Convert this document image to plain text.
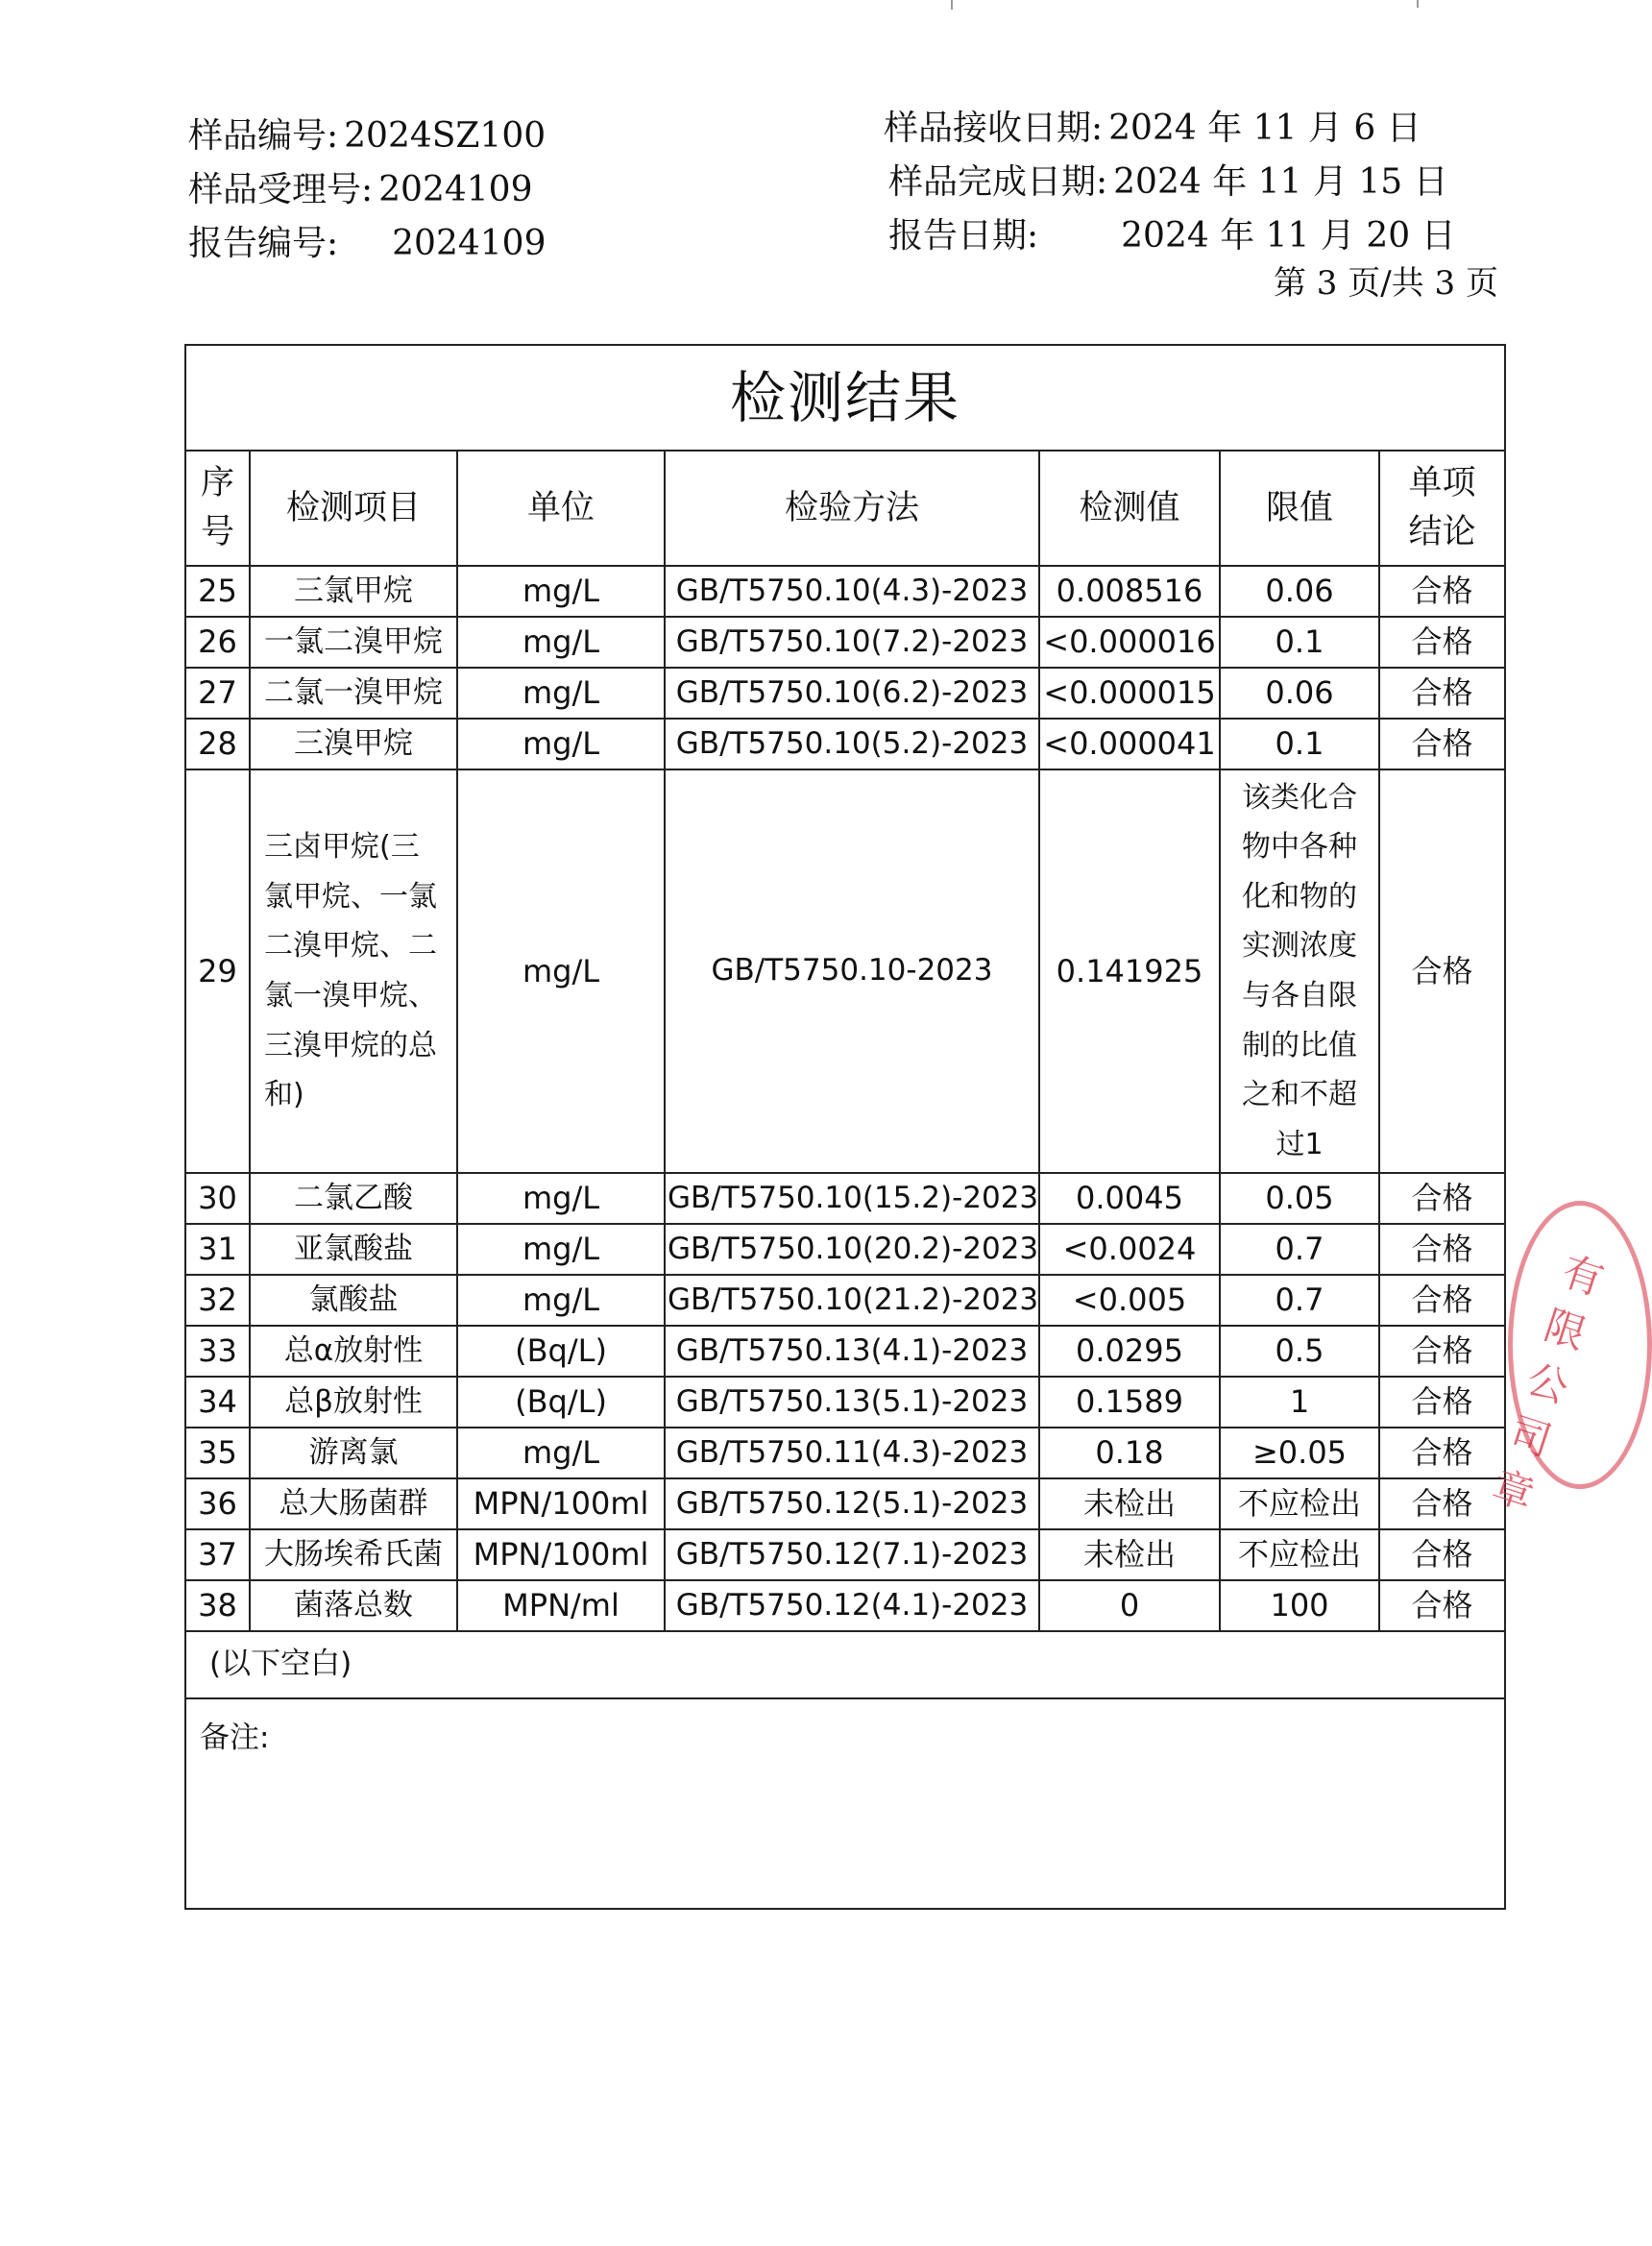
样品编号: 2024SZ100
样品受理号: 2024109
报告编号: 2024109
样品接收日期: 2024 年 11 月 6 日
样品完成日期: 2024 年 11 月 15 日
报告日期: 2024 年 11 月 20 日
第 3 页/共 3 页
检测结果
序号	检测项目	单位	检验方法	检测值	限值	单项结论
25	三氯甲烷	mg/L	GB/T5750.10(4.3)-2023	0.008516	0.06	合格
26	一氯二溴甲烷	mg/L	GB/T5750.10(7.2)-2023	<0.000016	0.1	合格
27	二氯一溴甲烷	mg/L	GB/T5750.10(6.2)-2023	<0.000015	0.06	合格
28	三溴甲烷	mg/L	GB/T5750.10(5.2)-2023	<0.000041	0.1	合格
29	三卤甲烷(三氯甲烷、一氯二溴甲烷、二氯一溴甲烷、三溴甲烷的总和)	mg/L	GB/T5750.10-2023	0.141925	该类化合物中各种化和物的实测浓度与各自限制的比值之和不超过1	合格
30	二氯乙酸	mg/L	GB/T5750.10(15.2)-2023	0.0045	0.05	合格
31	亚氯酸盐	mg/L	GB/T5750.10(20.2)-2023	<0.0024	0.7	合格
32	氯酸盐	mg/L	GB/T5750.10(21.2)-2023	<0.005	0.7	合格
33	总α放射性	(Bq/L)	GB/T5750.13(4.1)-2023	0.0295	0.5	合格
34	总β放射性	(Bq/L)	GB/T5750.13(5.1)-2023	0.1589	1	合格
35	游离氯	mg/L	GB/T5750.11(4.3)-2023	0.18	≥0.05	合格
36	总大肠菌群	MPN/100ml	GB/T5750.12(5.1)-2023	未检出	不应检出	合格
37	大肠埃希氏菌	MPN/100ml	GB/T5750.12(7.1)-2023	未检出	不应检出	合格
38	菌落总数	MPN/ml	GB/T5750.12(4.1)-2023	0	100	合格
(以下空白)						
备注:						
有限公司章
